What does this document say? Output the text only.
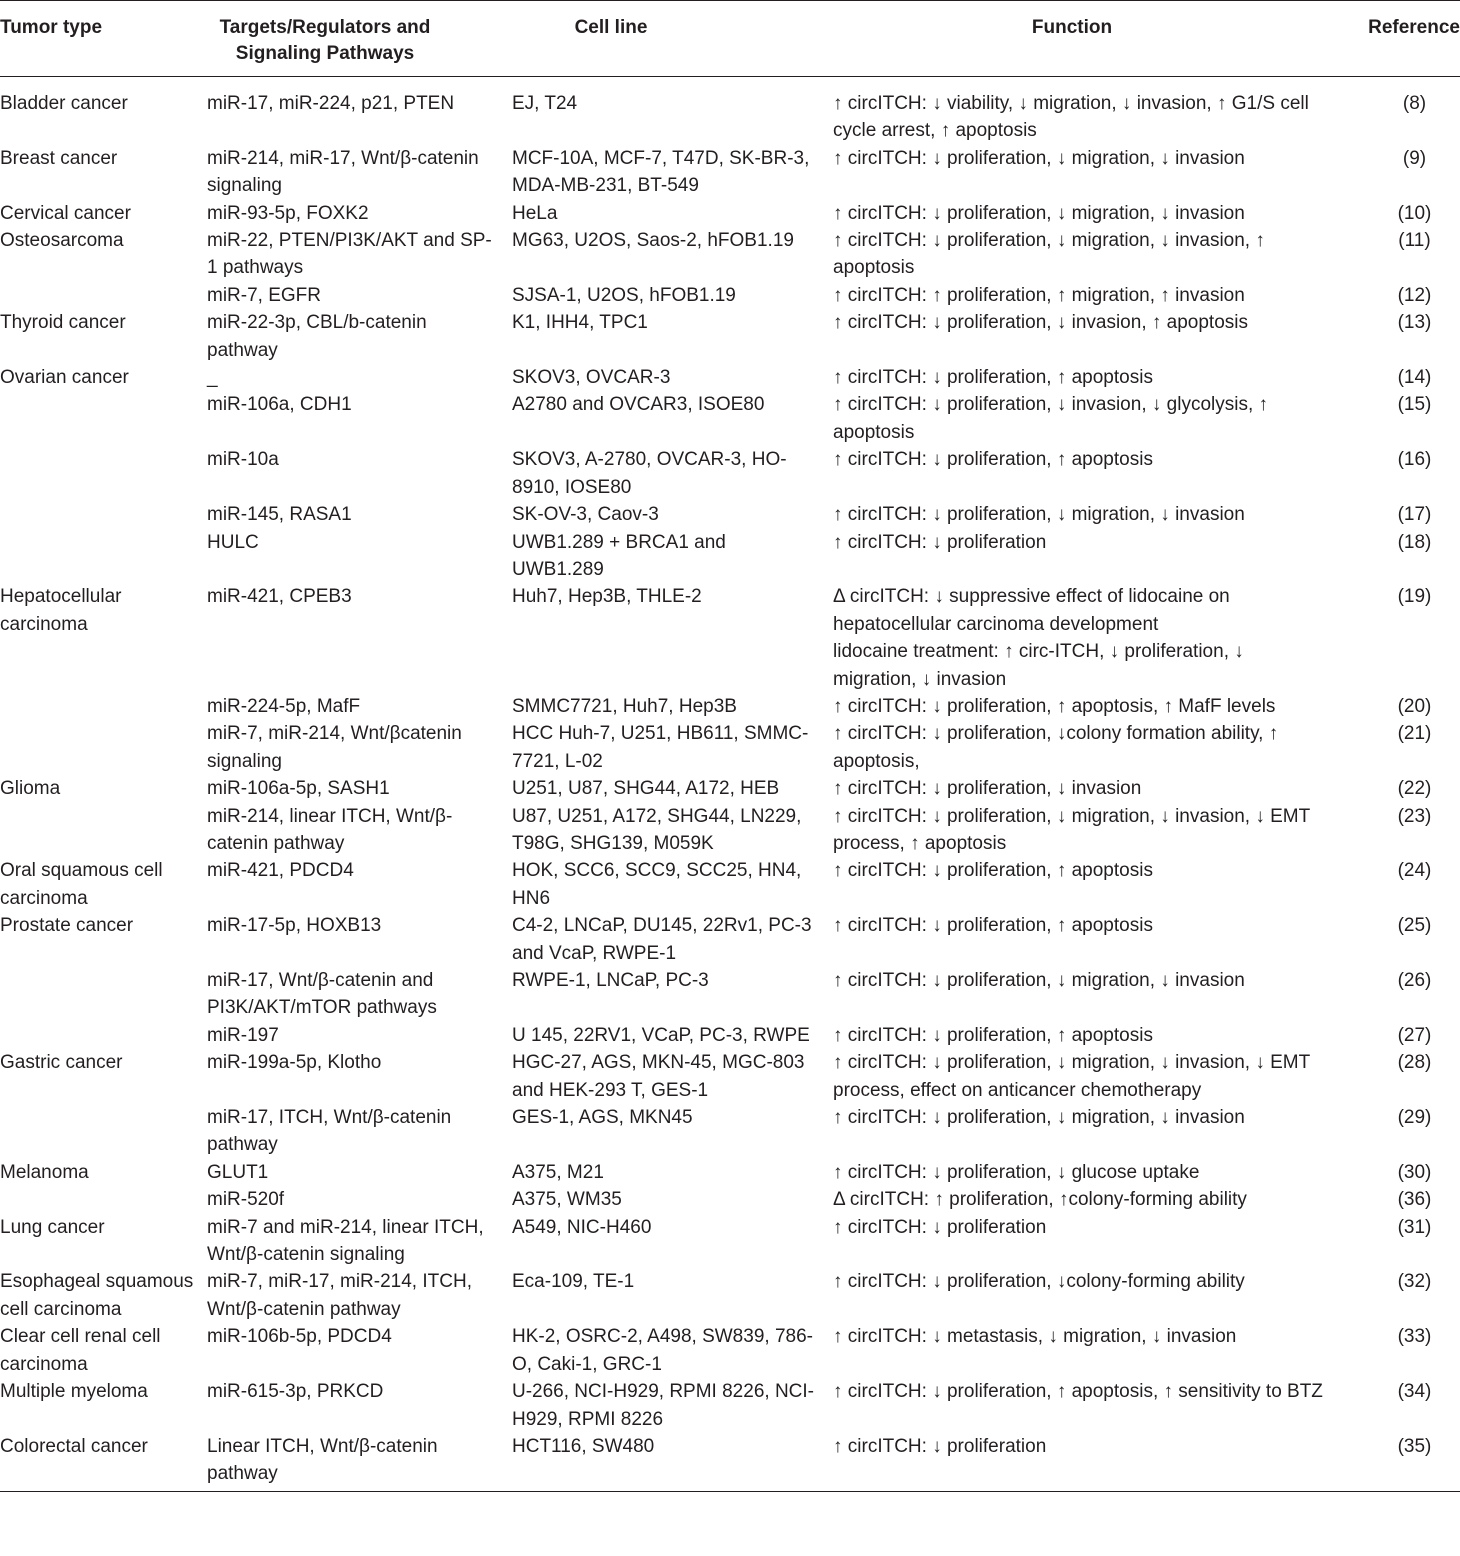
Tumor type	Targets/Regulators and Signaling Pathways	Cell line	Function	Reference
Bladder cancer	miR-17, miR-224, p21, PTEN	EJ, T24	↑ circITCH: ↓ viability, ↓ migration, ↓ invasion, ↑ G1/S cell cycle arrest, ↑ apoptosis	(8)
Breast cancer	miR-214, miR-17, Wnt/β-catenin signaling	MCF-10A, MCF-7, T47D, SK-BR-3, MDA-MB-231, BT-549	↑ circITCH: ↓ proliferation, ↓ migration, ↓ invasion	(9)
Cervical cancer	miR-93-5p, FOXK2	HeLa	↑ circITCH: ↓ proliferation, ↓ migration, ↓ invasion	(10)
Osteosarcoma	miR-22, PTEN/PI3K/AKT and SP-1 pathways	MG63, U2OS, Saos-2, hFOB1.19	↑ circITCH: ↓ proliferation, ↓ migration, ↓ invasion, ↑ apoptosis	(11)
	miR-7, EGFR	SJSA-1, U2OS, hFOB1.19	↑ circITCH: ↑ proliferation, ↑ migration, ↑ invasion	(12)
Thyroid cancer	miR-22-3p, CBL/b-catenin pathway	K1, IHH4, TPC1	↑ circITCH: ↓ proliferation, ↓ invasion, ↑ apoptosis	(13)
Ovarian cancer	_	SKOV3, OVCAR-3	↑ circITCH: ↓ proliferation, ↑ apoptosis	(14)
	miR-106a, CDH1	A2780 and OVCAR3, ISOE80	↑ circITCH: ↓ proliferation, ↓ invasion, ↓ glycolysis, ↑ apoptosis	(15)
	miR-10a	SKOV3, A-2780, OVCAR-3, HO-8910, IOSE80	↑ circITCH: ↓ proliferation, ↑ apoptosis	(16)
	miR-145, RASA1	SK-OV-3, Caov-3	↑ circITCH: ↓ proliferation, ↓ migration, ↓ invasion	(17)
	HULC	UWB1.289 + BRCA1 and UWB1.289	↑ circITCH: ↓ proliferation	(18)
Hepatocellular carcinoma	miR-421, CPEB3	Huh7, Hep3B, THLE-2	Δ circITCH: ↓ suppressive effect of lidocaine on hepatocellular carcinoma development
lidocaine treatment: ↑ circ-ITCH, ↓ proliferation, ↓ migration, ↓ invasion	(19)
	miR-224-5p, MafF	SMMC7721, Huh7, Hep3B	↑ circITCH: ↓ proliferation, ↑ apoptosis, ↑ MafF levels	(20)
	miR-7, miR-214, Wnt/βcatenin signaling	HCC Huh-7, U251, HB611, SMMC-7721, L-02	↑ circITCH: ↓ proliferation, ↓colony formation ability, ↑ apoptosis,	(21)
Glioma	miR-106a-5p, SASH1	U251, U87, SHG44, A172, HEB	↑ circITCH: ↓ proliferation, ↓ invasion	(22)
	miR-214, linear ITCH, Wnt/β-catenin pathway	U87, U251, A172, SHG44, LN229, T98G, SHG139, M059K	↑ circITCH: ↓ proliferation, ↓ migration, ↓ invasion, ↓ EMT process, ↑ apoptosis	(23)
Oral squamous cell carcinoma	miR-421, PDCD4	HOK, SCC6, SCC9, SCC25, HN4, HN6	↑ circITCH: ↓ proliferation, ↑ apoptosis	(24)
Prostate cancer	miR-17-5p, HOXB13	C4-2, LNCaP, DU145, 22Rv1, PC-3 and VcaP, RWPE-1	↑ circITCH: ↓ proliferation, ↑ apoptosis	(25)
	miR-17, Wnt/β-catenin and PI3K/AKT/mTOR pathways	RWPE-1, LNCaP, PC-3	↑ circITCH: ↓ proliferation, ↓ migration, ↓ invasion	(26)
	miR-197	U 145, 22RV1, VCaP, PC-3, RWPE	↑ circITCH: ↓ proliferation, ↑ apoptosis	(27)
Gastric cancer	miR-199a-5p, Klotho	HGC-27, AGS, MKN-45, MGC-803 and HEK-293 T, GES-1	↑ circITCH: ↓ proliferation, ↓ migration, ↓ invasion, ↓ EMT process, effect on anticancer chemotherapy	(28)
	miR-17, ITCH, Wnt/β-catenin pathway	GES-1, AGS, MKN45	↑ circITCH: ↓ proliferation, ↓ migration, ↓ invasion	(29)
Melanoma	GLUT1	A375, M21	↑ circITCH: ↓ proliferation, ↓ glucose uptake	(30)
	miR-520f	A375, WM35	Δ circITCH: ↑ proliferation, ↑colony-forming ability	(36)
Lung cancer	miR-7 and miR-214, linear ITCH, Wnt/β-catenin signaling	A549, NIC-H460	↑ circITCH: ↓ proliferation	(31)
Esophageal squamous cell carcinoma	miR-7, miR-17, miR-214, ITCH, Wnt/β-catenin pathway	Eca-109, TE-1	↑ circITCH: ↓ proliferation, ↓colony-forming ability	(32)
Clear cell renal cell carcinoma	miR-106b-5p, PDCD4	HK-2, OSRC-2, A498, SW839, 786-O, Caki-1, GRC-1	↑ circITCH: ↓ metastasis, ↓ migration, ↓ invasion	(33)
Multiple myeloma	miR-615-3p, PRKCD	U-266, NCI-H929, RPMI 8226, NCI-H929, RPMI 8226	↑ circITCH: ↓ proliferation, ↑ apoptosis, ↑ sensitivity to BTZ	(34)
Colorectal cancer	Linear ITCH, Wnt/β-catenin pathway	HCT116, SW480	↑ circITCH: ↓ proliferation	(35)
